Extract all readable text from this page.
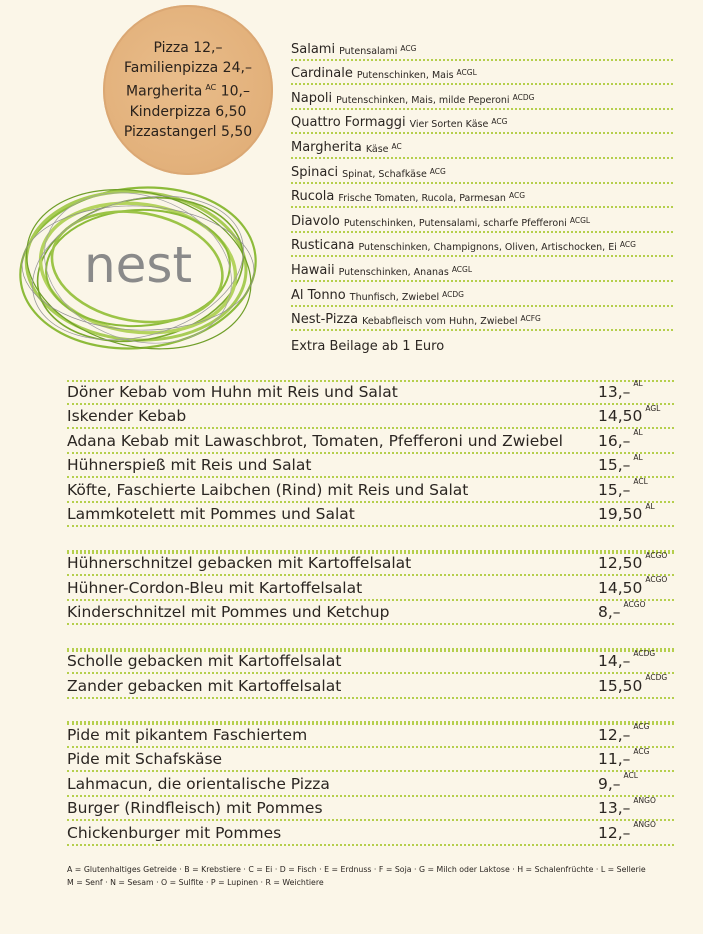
Pizza 12,–
Familienpizza 24,–
Margherita $^{AC}$ 10,–
Kinderpizza 6,50
Pizzastangerl 5,50
nest
Salami Putensalami $^{ACG}$
Cardinale Putenschinken, Mais $^{ACGL}$
Napoli Putenschinken, Mais, milde Peperoni $^{ACDG}$
Quattro Formaggi Vier Sorten Käse $^{ACG}$
Margherita Käse $^{AC}$
Spinaci Spinat, Schafkäse $^{ACG}$
Rucola Frische Tomaten, Rucola, Parmesan $^{ACG}$
Diavolo Putenschinken, Putensalami, scharfe Pfefferoni $^{ACGL}$
Rusticana Putenschinken, Champignons, Oliven, Artischocken, Ei $^{ACG}$
Hawaii Putenschinken, Ananas $^{ACGL}$
Al Tonno Thunfisch, Zwiebel $^{ACDG}$
Nest-Pizza Kebabfleisch vom Huhn, Zwiebel $^{ACFG}$
Extra Beilage ab 1 Euro
Döner Kebab vom Huhn mit Reis und Salat	13,– $^{AL}$
Iskender Kebab	14,50 $^{AGL}$
Adana Kebab mit Lawaschbrot, Tomaten, Pfefferoni und Zwiebel 16,– $^{AL}$
Hühnerspieß mit Reis und Salat	15,– $^{AL}$
Köfte, Faschierte Laibchen (Rind) mit Reis und Salat	15,– $^{ACL}$
Lammkotelett mit Pommes und Salat	19,50 $^{AL}$
Hühnerschnitzel gebacken mit Kartoffelsalat	12,50 $^{ACGO}$
Hühner-Cordon-Bleu mit Kartoffelsalat	14,50 $^{ACGO}$
Kinderschnitzel mit Pommes und Ketchup	8,– $^{ACGO}$
Scholle gebacken mit Kartoffelsalat	14,– $^{ACDG}$
Zander gebacken mit Kartoffelsalat	15,50 $^{ACDG}$
Pide mit pikantem Faschiertem	12,– $^{ACG}$
Pide mit Schafskäse	11,– $^{ACG}$
Lahmacun, die orientalische Pizza	9,– $^{ACL}$
Burger (Rindfleisch) mit Pommes	13,– $^{ANGO}$
Chickenburger mit Pommes	12,– $^{ANGO}$
A = Glutenhaltiges Getreide · B = Krebstiere · C = Ei · D = Fisch · E = Erdnuss · F = Soja · G = Milch oder Laktose · H = Schalenfrüchte · L = Sellerie
M = Senf · N = Sesam · O = Sulfite · P = Lupinen · R = Weichtiere
